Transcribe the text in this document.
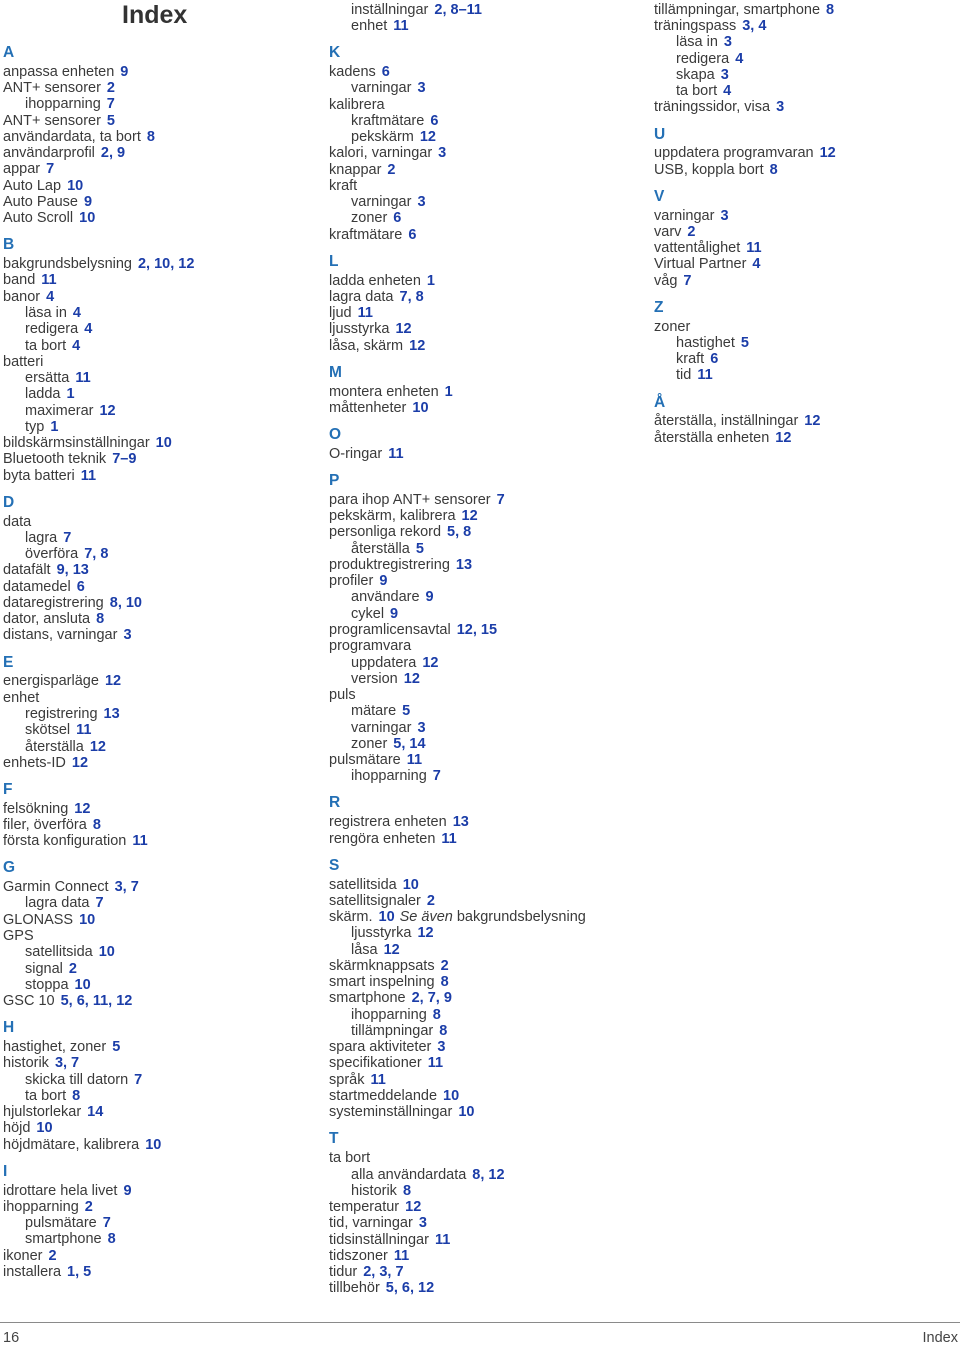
Index
A
anpassa enheten 9
ANT+ sensorer 2
ihopparning 7
ANT+ sensorer 5
användardata, ta bort 8
användarprofil 2, 9
appar 7
Auto Lap 10
Auto Pause 9
Auto Scroll 10
B
bakgrundsbelysning 2, 10, 12
band 11
banor 4
läsa in 4
redigera 4
ta bort 4
batteri
ersätta 11
ladda 1
maximerar 12
typ 1
bildskärmsinställningar 10
Bluetooth teknik 7–9
byta batteri 11
D
data
lagra 7
överföra 7, 8
datafält 9, 13
datamedel 6
dataregistrering 8, 10
dator, ansluta 8
distans, varningar 3
E
energisparläge 12
enhet
registrering 13
skötsel 11
återställa 12
enhets-ID 12
F
felsökning 12
filer, överföra 8
första konfiguration 11
G
Garmin Connect 3, 7
lagra data 7
GLONASS 10
GPS
satellitsida 10
signal 2
stoppa 10
GSC 10 5, 6, 11, 12
H
hastighet, zoner 5
historik 3, 7
skicka till datorn 7
ta bort 8
hjulstorlekar 14
höjd 10
höjdmätare, kalibrera 10
I
idrottare hela livet 9
ihopparning 2
pulsmätare 7
smartphone 8
ikoner 2
installera 1, 5
inställningar 2, 8–11
enhet 11
K
kadens 6
varningar 3
kalibrera
kraftmätare 6
pekskärm 12
kalori, varningar 3
knappar 2
kraft
varningar 3
zoner 6
kraftmätare 6
L
ladda enheten 1
lagra data 7, 8
ljud 11
ljusstyrka 12
låsa, skärm 12
M
montera enheten 1
måttenheter 10
O
O-ringar 11
P
para ihop ANT+ sensorer 7
pekskärm, kalibrera 12
personliga rekord 5, 8
återställa 5
produktregistrering 13
profiler 9
användare 9
cykel 9
programlicensavtal 12, 15
programvara
uppdatera 12
version 12
puls
mätare 5
varningar 3
zoner 5, 14
pulsmätare 11
ihopparning 7
R
registrera enheten 13
rengöra enheten 11
S
satellitsida 10
satellitsignaler 2
skärm. 10 Se även bakgrundsbelysning
ljusstyrka 12
låsa 12
skärmknappsats 2
smart inspelning 8
smartphone 2, 7, 9
ihopparning 8
tillämpningar 8
spara aktiviteter 3
specifikationer 11
språk 11
startmeddelande 10
systeminställningar 10
T
ta bort
alla användardata 8, 12
historik 8
temperatur 12
tid, varningar 3
tidsinställningar 11
tidszoner 11
tidur 2, 3, 7
tillbehör 5, 6, 12
tillämpningar, smartphone 8
träningspass 3, 4
läsa in 3
redigera 4
skapa 3
ta bort 4
träningssidor, visa 3
U
uppdatera programvaran 12
USB, koppla bort 8
V
varningar 3
varv 2
vattentålighet 11
Virtual Partner 4
våg 7
Z
zoner
hastighet 5
kraft 6
tid 11
Å
återställa, inställningar 12
återställa enheten 12
16	Index
